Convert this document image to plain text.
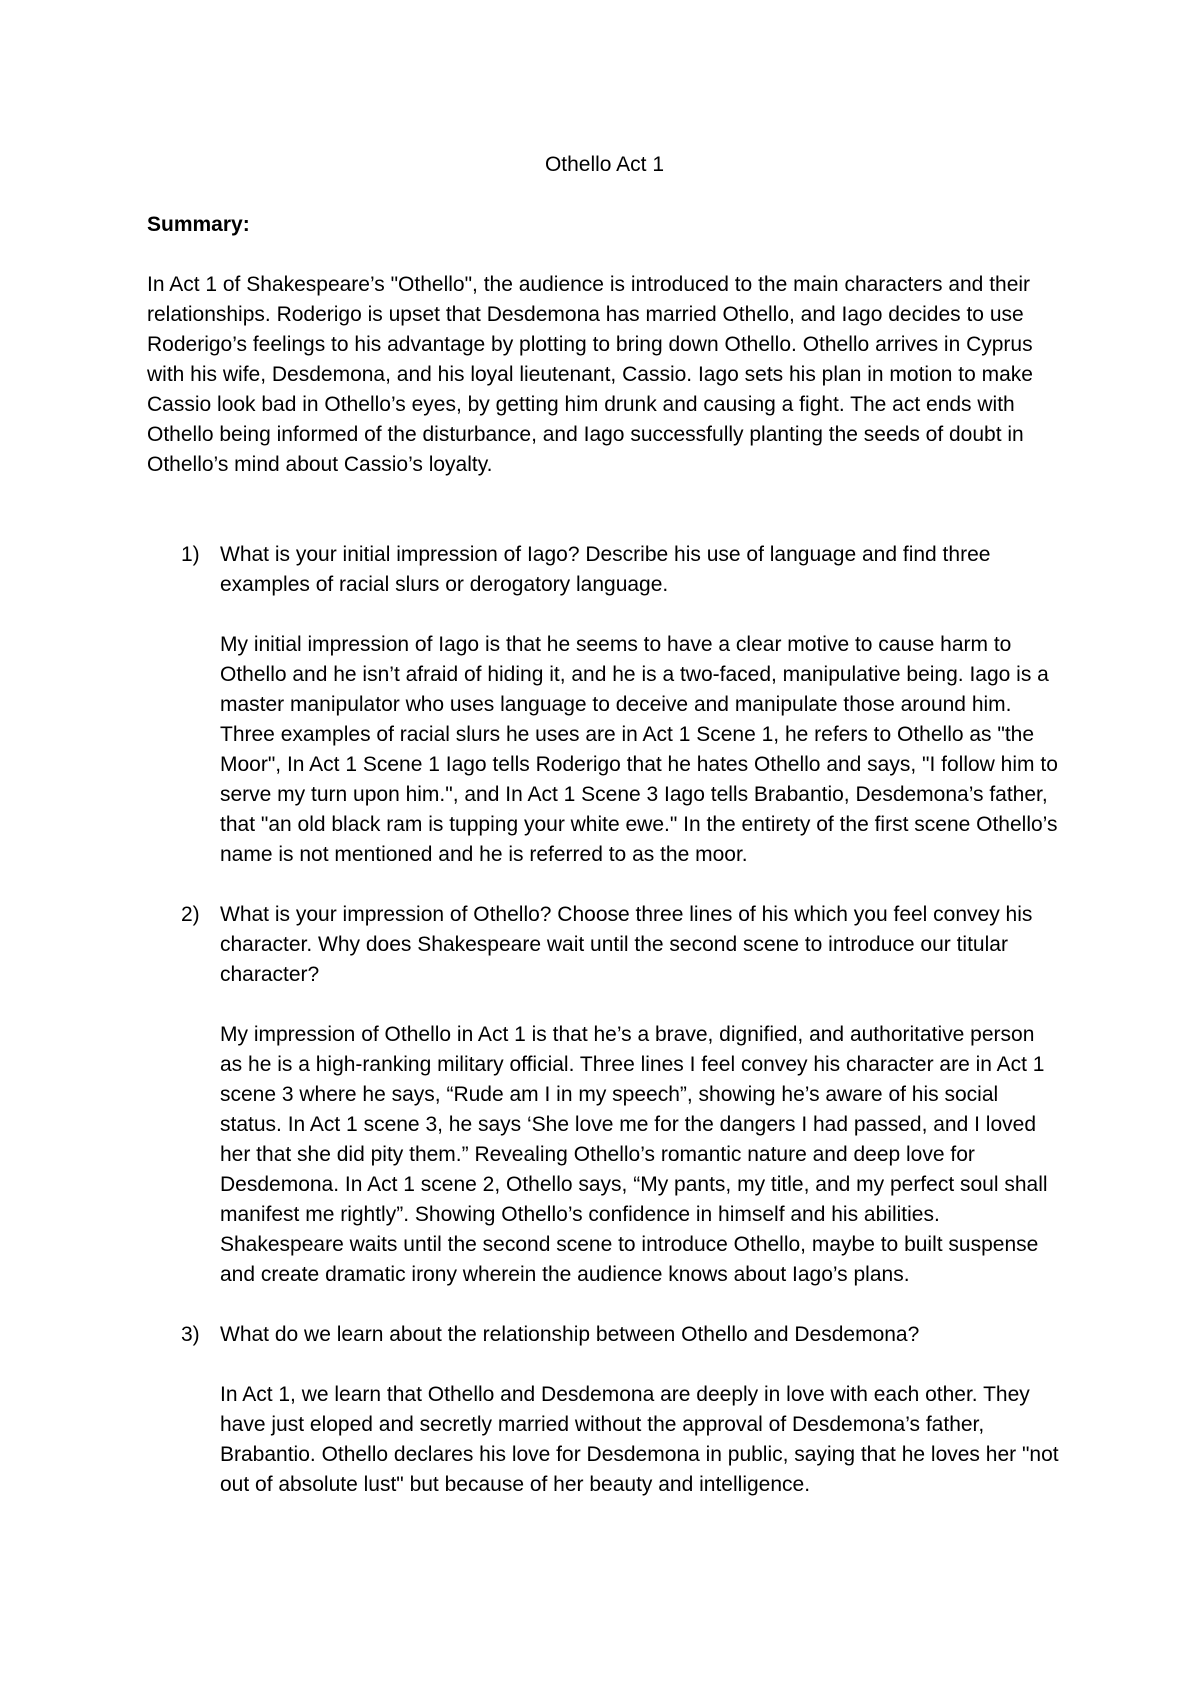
Othello Act 1

Summary:

In Act 1 of Shakespeare’s "Othello", the audience is introduced to the main characters and their relationships. Roderigo is upset that Desdemona has married Othello, and Iago decides to use Roderigo’s feelings to his advantage by plotting to bring down Othello. Othello arrives in Cyprus with his wife, Desdemona, and his loyal lieutenant, Cassio. Iago sets his plan in motion to make Cassio look bad in Othello’s eyes, by getting him drunk and causing a fight. The act ends with Othello being informed of the disturbance, and Iago successfully planting the seeds of doubt in Othello’s mind about Cassio’s loyalty.

1) What is your initial impression of Iago? Describe his use of language and find three examples of racial slurs or derogatory language.

My initial impression of Iago is that he seems to have a clear motive to cause harm to Othello and he isn’t afraid of hiding it, and he is a two-faced, manipulative being. Iago is a master manipulator who uses language to deceive and manipulate those around him. Three examples of racial slurs he uses are in Act 1 Scene 1, he refers to Othello as "the Moor", In Act 1 Scene 1 Iago tells Roderigo that he hates Othello and says, "I follow him to serve my turn upon him.", and In Act 1 Scene 3 Iago tells Brabantio, Desdemona’s father, that "an old black ram is tupping your white ewe." In the entirety of the first scene Othello’s name is not mentioned and he is referred to as the moor.

2) What is your impression of Othello? Choose three lines of his which you feel convey his character. Why does Shakespeare wait until the second scene to introduce our titular character?

My impression of Othello in Act 1 is that he’s a brave, dignified, and authoritative person as he is a high-ranking military official. Three lines I feel convey his character are in Act 1 scene 3 where he says, “Rude am I in my speech”, showing he’s aware of his social status. In Act 1 scene 3, he says ‘She love me for the dangers I had passed, and I loved her that she did pity them.” Revealing Othello’s romantic nature and deep love for Desdemona. In Act 1 scene 2, Othello says, “My pants, my title, and my perfect soul shall manifest me rightly”. Showing Othello’s confidence in himself and his abilities. Shakespeare waits until the second scene to introduce Othello, maybe to built suspense and create dramatic irony wherein the audience knows about Iago’s plans.

3) What do we learn about the relationship between Othello and Desdemona?

In Act 1, we learn that Othello and Desdemona are deeply in love with each other. They have just eloped and secretly married without the approval of Desdemona’s father, Brabantio. Othello declares his love for Desdemona in public, saying that he loves her "not out of absolute lust" but because of her beauty and intelligence.
